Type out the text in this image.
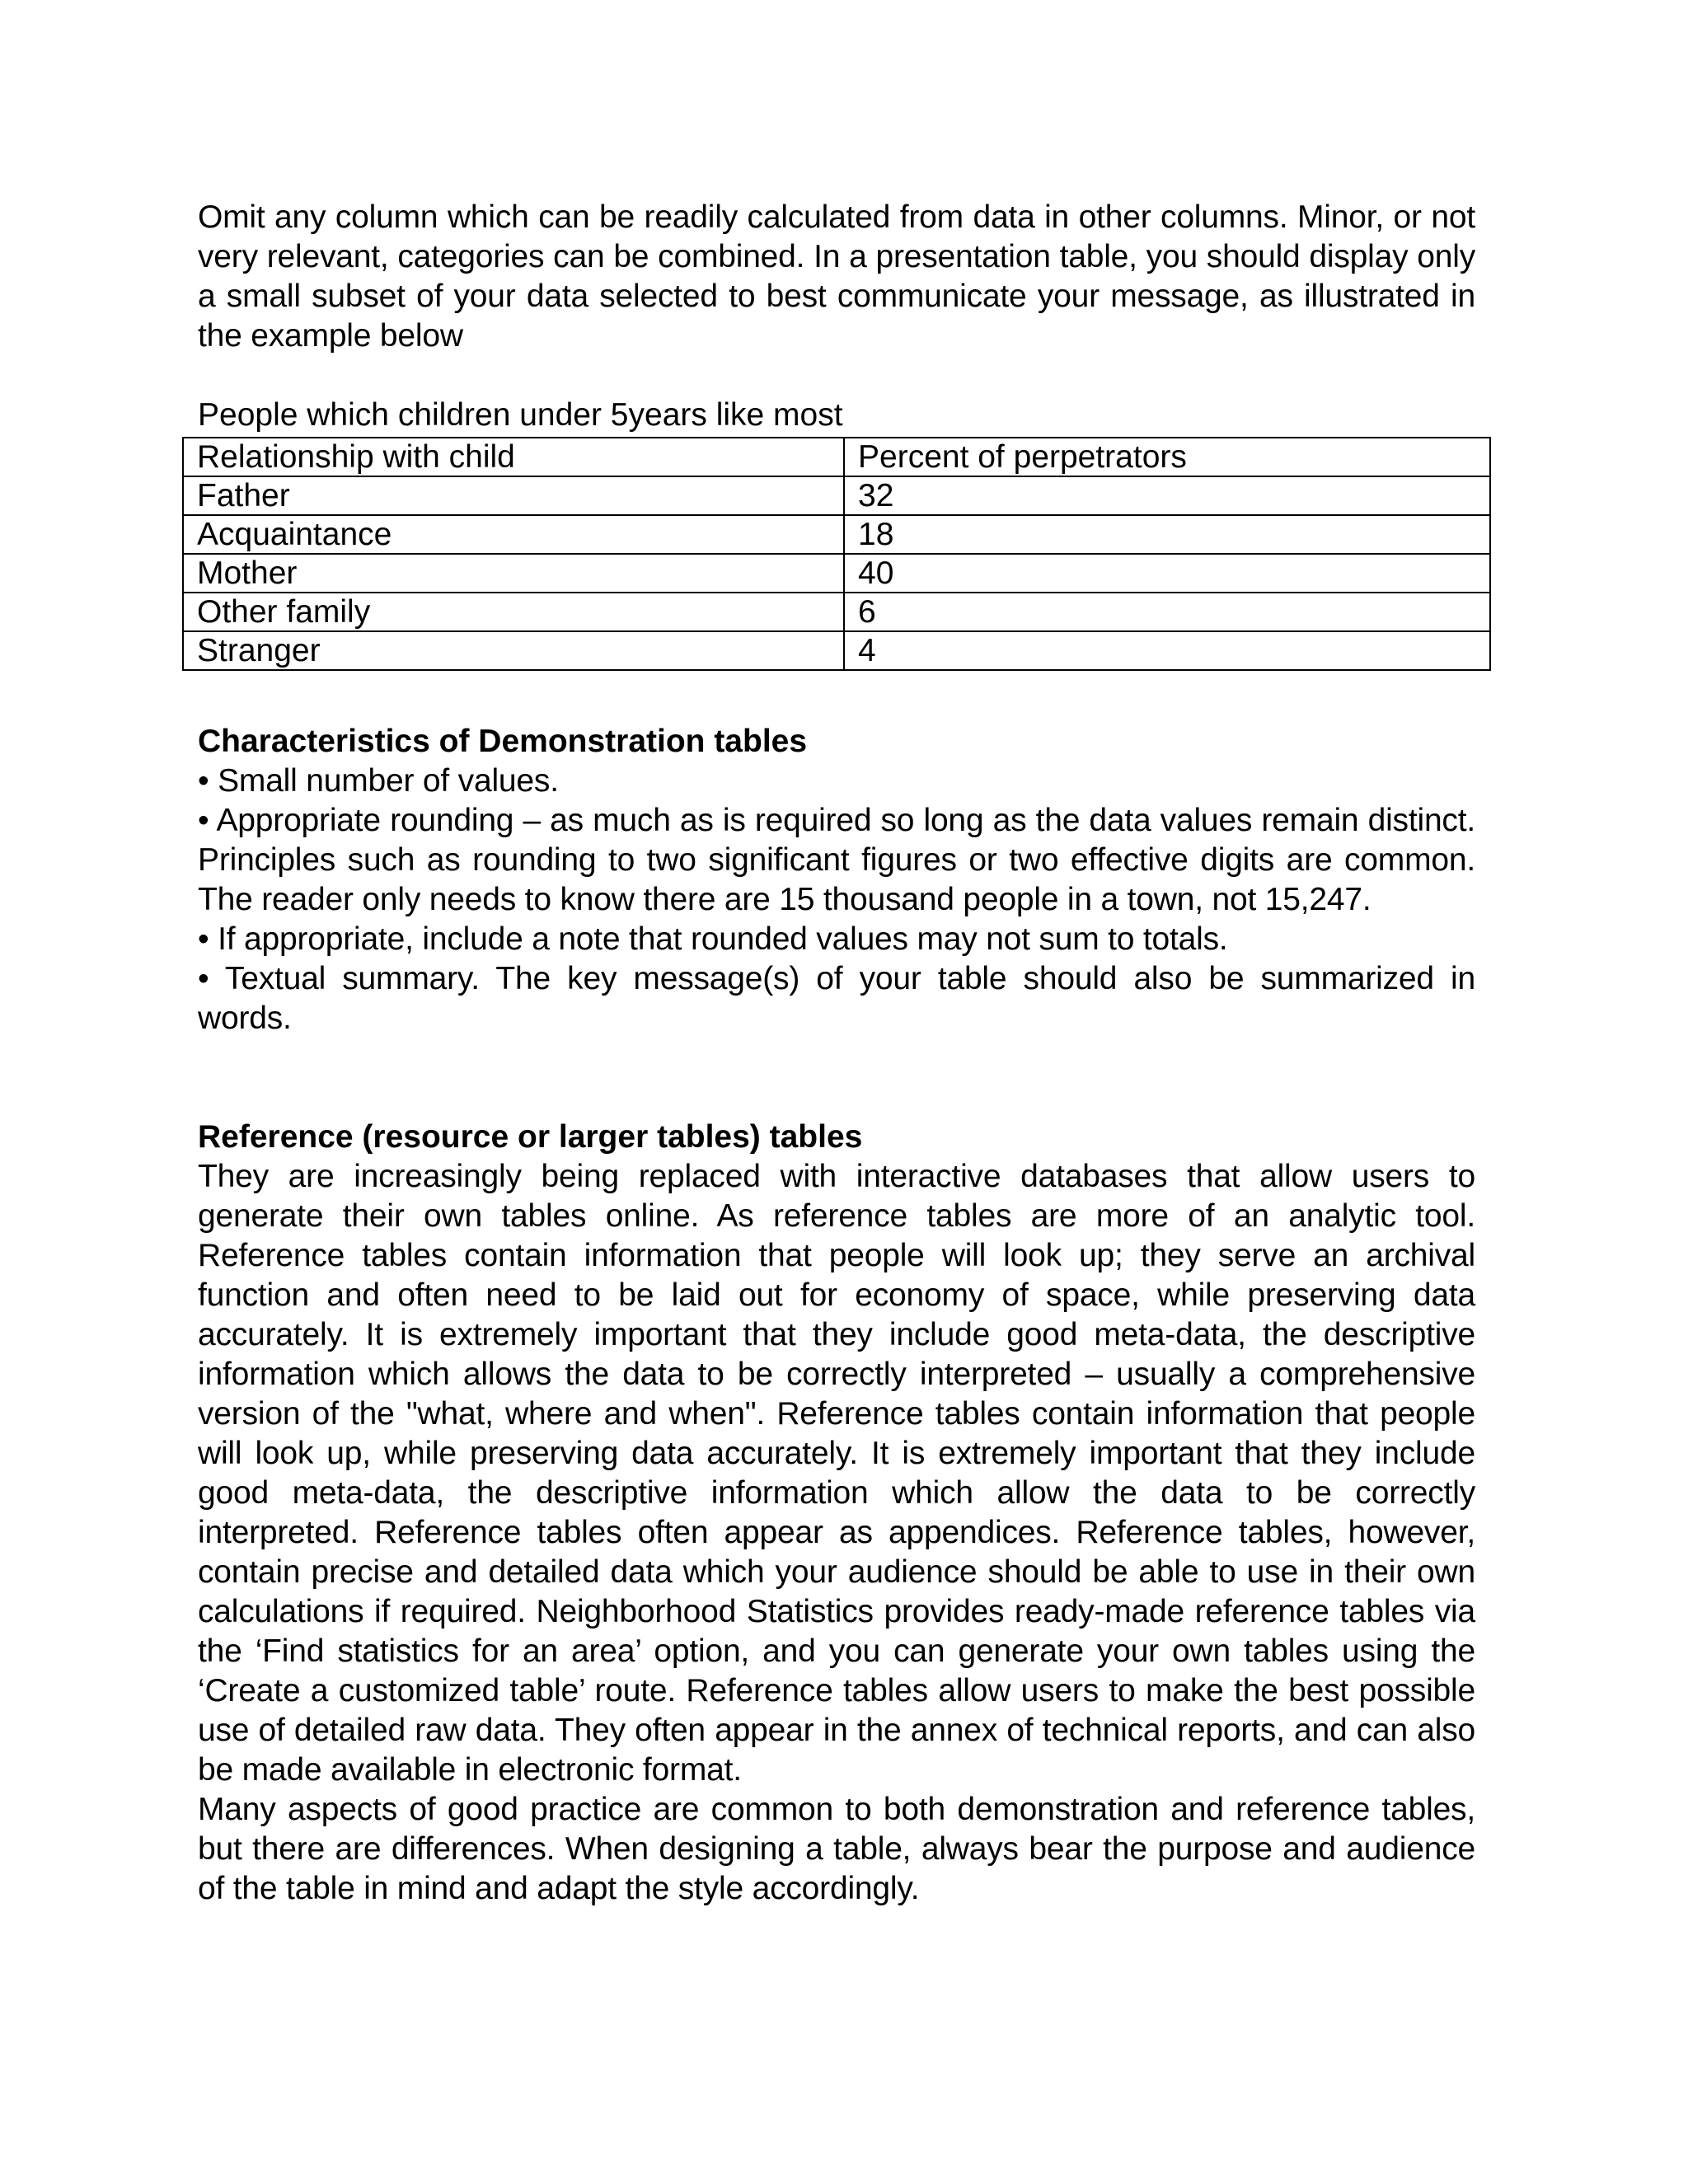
Omit any column which can be readily calculated from data in other columns. Minor, or not very relevant, categories can be combined. In a presentation table, you should display only a small subset of your data selected to best communicate your message, as illustrated in the example below

People which children under 5years like most

Relationship with child	Percent of perpetrators
Father	32
Acquaintance	18
Mother	40
Other family	6
Stranger	4

Characteristics of Demonstration tables

• Small number of values.

• Appropriate rounding – as much as is required so long as the data values remain distinct. Principles such as rounding to two significant figures or two effective digits are common. The reader only needs to know there are 15 thousand people in a town, not 15,247.

• If appropriate, include a note that rounded values may not sum to totals.

• Textual summary. The key message(s) of your table should also be summarized in words.

Reference (resource or larger tables) tables

They are increasingly being replaced with interactive databases that allow users to generate their own tables online. As reference tables are more of an analytic tool. Reference tables contain information that people will look up; they serve an archival function and often need to be laid out for economy of space, while preserving data accurately. It is extremely important that they include good meta-data, the descriptive information which allows the data to be correctly interpreted – usually a comprehensive version of the "what, where and when". Reference tables contain information that people will look up, while preserving data accurately. It is extremely important that they include good meta-data, the descriptive information which allow the data to be correctly interpreted. Reference tables often appear as appendices. Reference tables, however, contain precise and detailed data which your audience should be able to use in their own calculations if required. Neighborhood Statistics provides ready-made reference tables via the ‘Find statistics for an area’ option, and you can generate your own tables using the ‘Create a customized table’ route. Reference tables allow users to make the best possible use of detailed raw data. They often appear in the annex of technical reports, and can also be made available in electronic format.

Many aspects of good practice are common to both demonstration and reference tables, but there are differences. When designing a table, always bear the purpose and audience of the table in mind and adapt the style accordingly.
